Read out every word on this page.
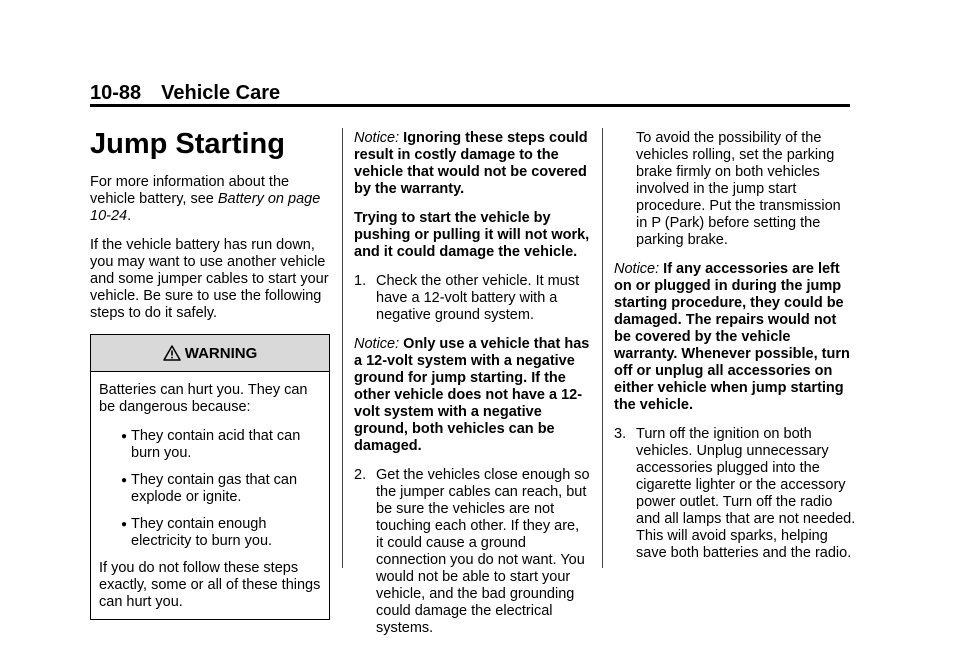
10-88 Vehicle Care
Jump Starting

For more information about the vehicle battery, see Battery on page 10-24.

If the vehicle battery has run down, you may want to use another vehicle and some jumper cables to start your vehicle. Be sure to use the following steps to do it safely.

WARNING

Batteries can hurt you. They can be dangerous because:

● They contain acid that can burn you.
● They contain gas that can explode or ignite.
● They contain enough electricity to burn you.

If you do not follow these steps exactly, some or all of these things can hurt you.

Notice: Ignoring these steps could result in costly damage to the vehicle that would not be covered by the warranty.

Trying to start the vehicle by pushing or pulling it will not work, and it could damage the vehicle.

1. Check the other vehicle. It must have a 12-volt battery with a negative ground system.

Notice: Only use a vehicle that has a 12-volt system with a negative ground for jump starting. If the other vehicle does not have a 12-volt system with a negative ground, both vehicles can be damaged.

2. Get the vehicles close enough so the jumper cables can reach, but be sure the vehicles are not touching each other. If they are, it could cause a ground connection you do not want. You would not be able to start your vehicle, and the bad grounding could damage the electrical systems.

To avoid the possibility of the vehicles rolling, set the parking brake firmly on both vehicles involved in the jump start procedure. Put the transmission in P (Park) before setting the parking brake.

Notice: If any accessories are left on or plugged in during the jump starting procedure, they could be damaged. The repairs would not be covered by the vehicle warranty. Whenever possible, turn off or unplug all accessories on either vehicle when jump starting the vehicle.

3. Turn off the ignition on both vehicles. Unplug unnecessary accessories plugged into the cigarette lighter or the accessory power outlet. Turn off the radio and all lamps that are not needed. This will avoid sparks, helping save both batteries and the radio.
